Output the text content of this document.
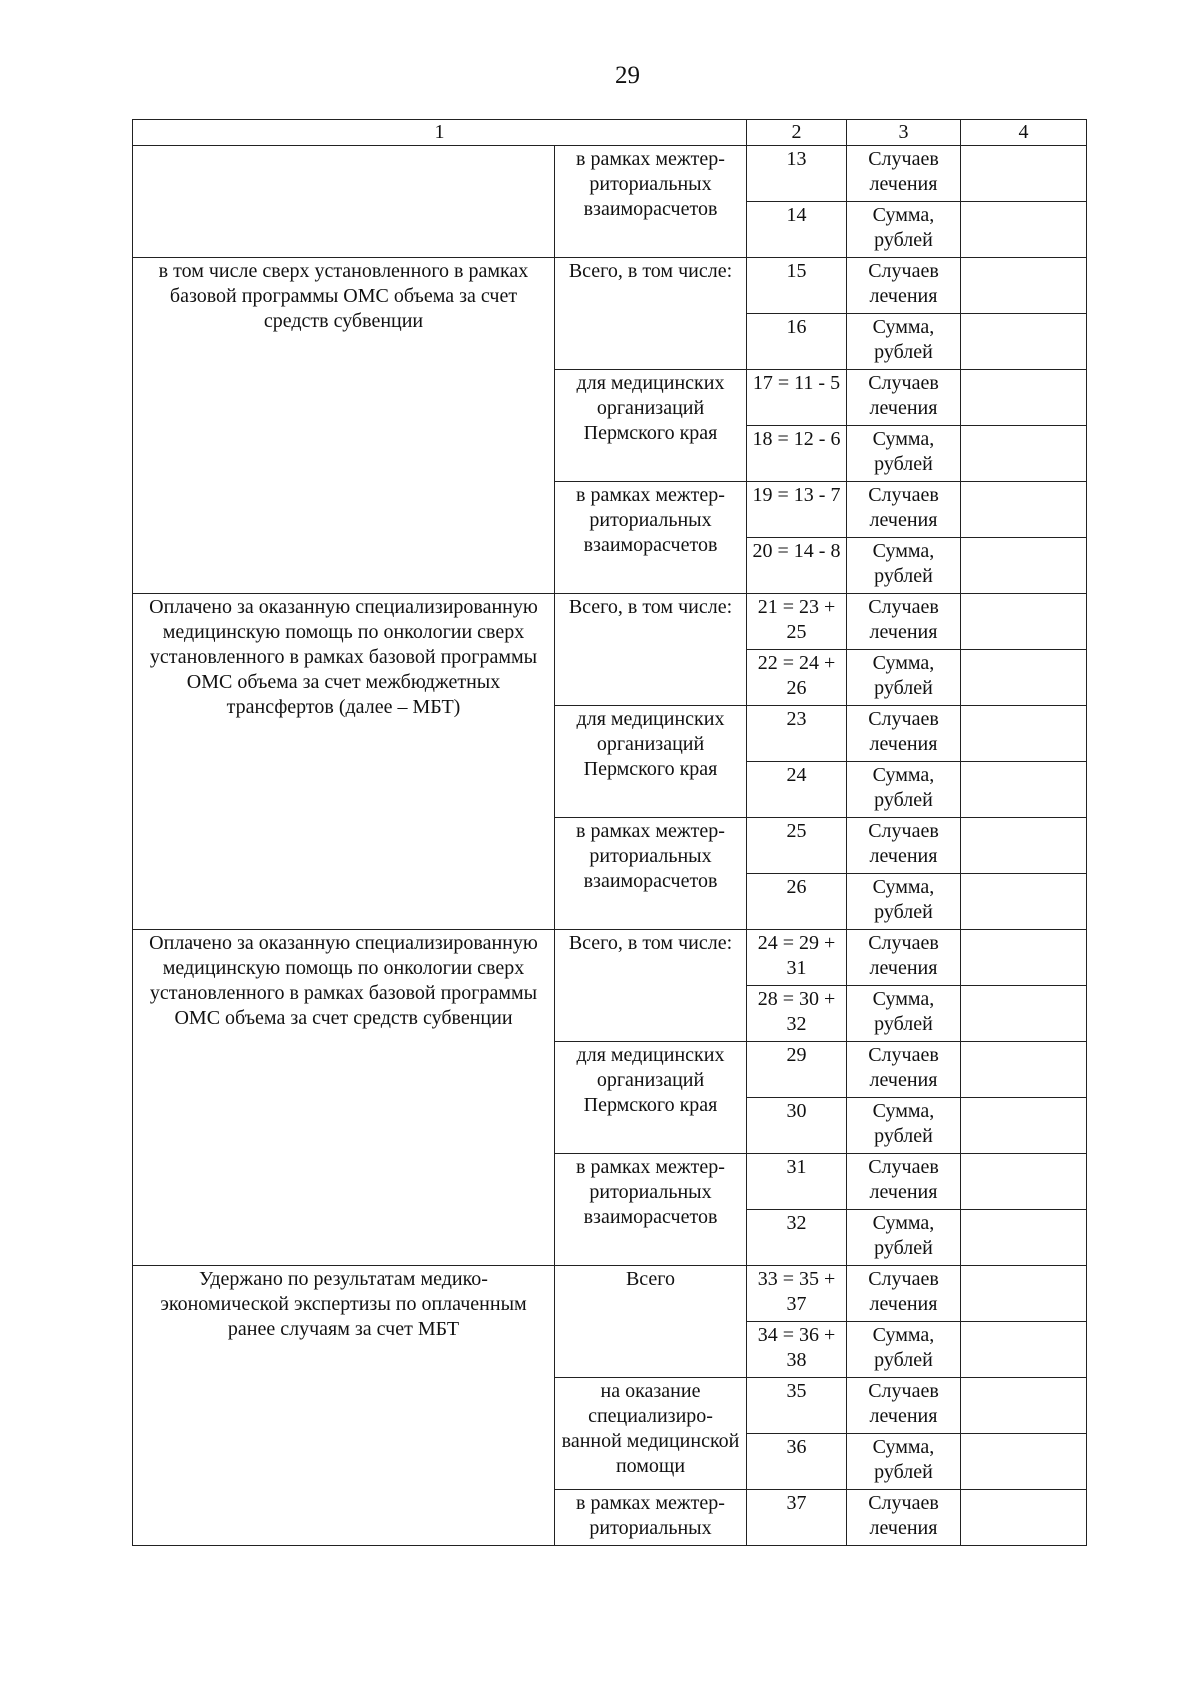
29
1		2	3	4
	в рамках межтер-риториальных взаиморасчетов	13	Случаев лечения	
		14	Сумма, рублей	
в том числе сверх установленного в рамках базовой программы ОМС объема за счет средств субвенции	Всего, в том числе:	15	Случаев лечения	
		16	Сумма, рублей	
	для медицинских организаций Пермского края	17 = 11 - 5	Случаев лечения	
		18 = 12 - 6	Сумма, рублей	
	в рамках межтер-риториальных взаиморасчетов	19 = 13 - 7	Случаев лечения	
		20 = 14 - 8	Сумма, рублей	
Оплачено за оказанную специализированную медицинскую помощь по онкологии сверх установленного в рамках базовой программы ОМС объема за счет межбюджетных трансфертов (далее – МБТ)	Всего, в том числе:	21 = 23 + 25	Случаев лечения	
		22 = 24 + 26	Сумма, рублей	
	для медицинских организаций Пермского края	23	Случаев лечения	
		24	Сумма, рублей	
	в рамках межтер-риториальных взаиморасчетов	25	Случаев лечения	
		26	Сумма, рублей	
Оплачено за оказанную специализированную медицинскую помощь по онкологии сверх установленного в рамках базовой программы ОМС объема за счет средств субвенции	Всего, в том числе:	24 = 29 + 31	Случаев лечения	
		28 = 30 + 32	Сумма, рублей	
	для медицинских организаций Пермского края	29	Случаев лечения	
		30	Сумма, рублей	
	в рамках межтер-риториальных взаиморасчетов	31	Случаев лечения	
		32	Сумма, рублей	
Удержано по результатам медико-экономической экспертизы по оплаченным ранее случаям за счет МБТ	Всего	33 = 35 + 37	Случаев лечения	
		34 = 36 + 38	Сумма, рублей	
	на оказание специализиро-ванной медицинской помощи	35	Случаев лечения	
		36	Сумма, рублей	
	в рамках межтер-риториальных	37	Случаев лечения	
